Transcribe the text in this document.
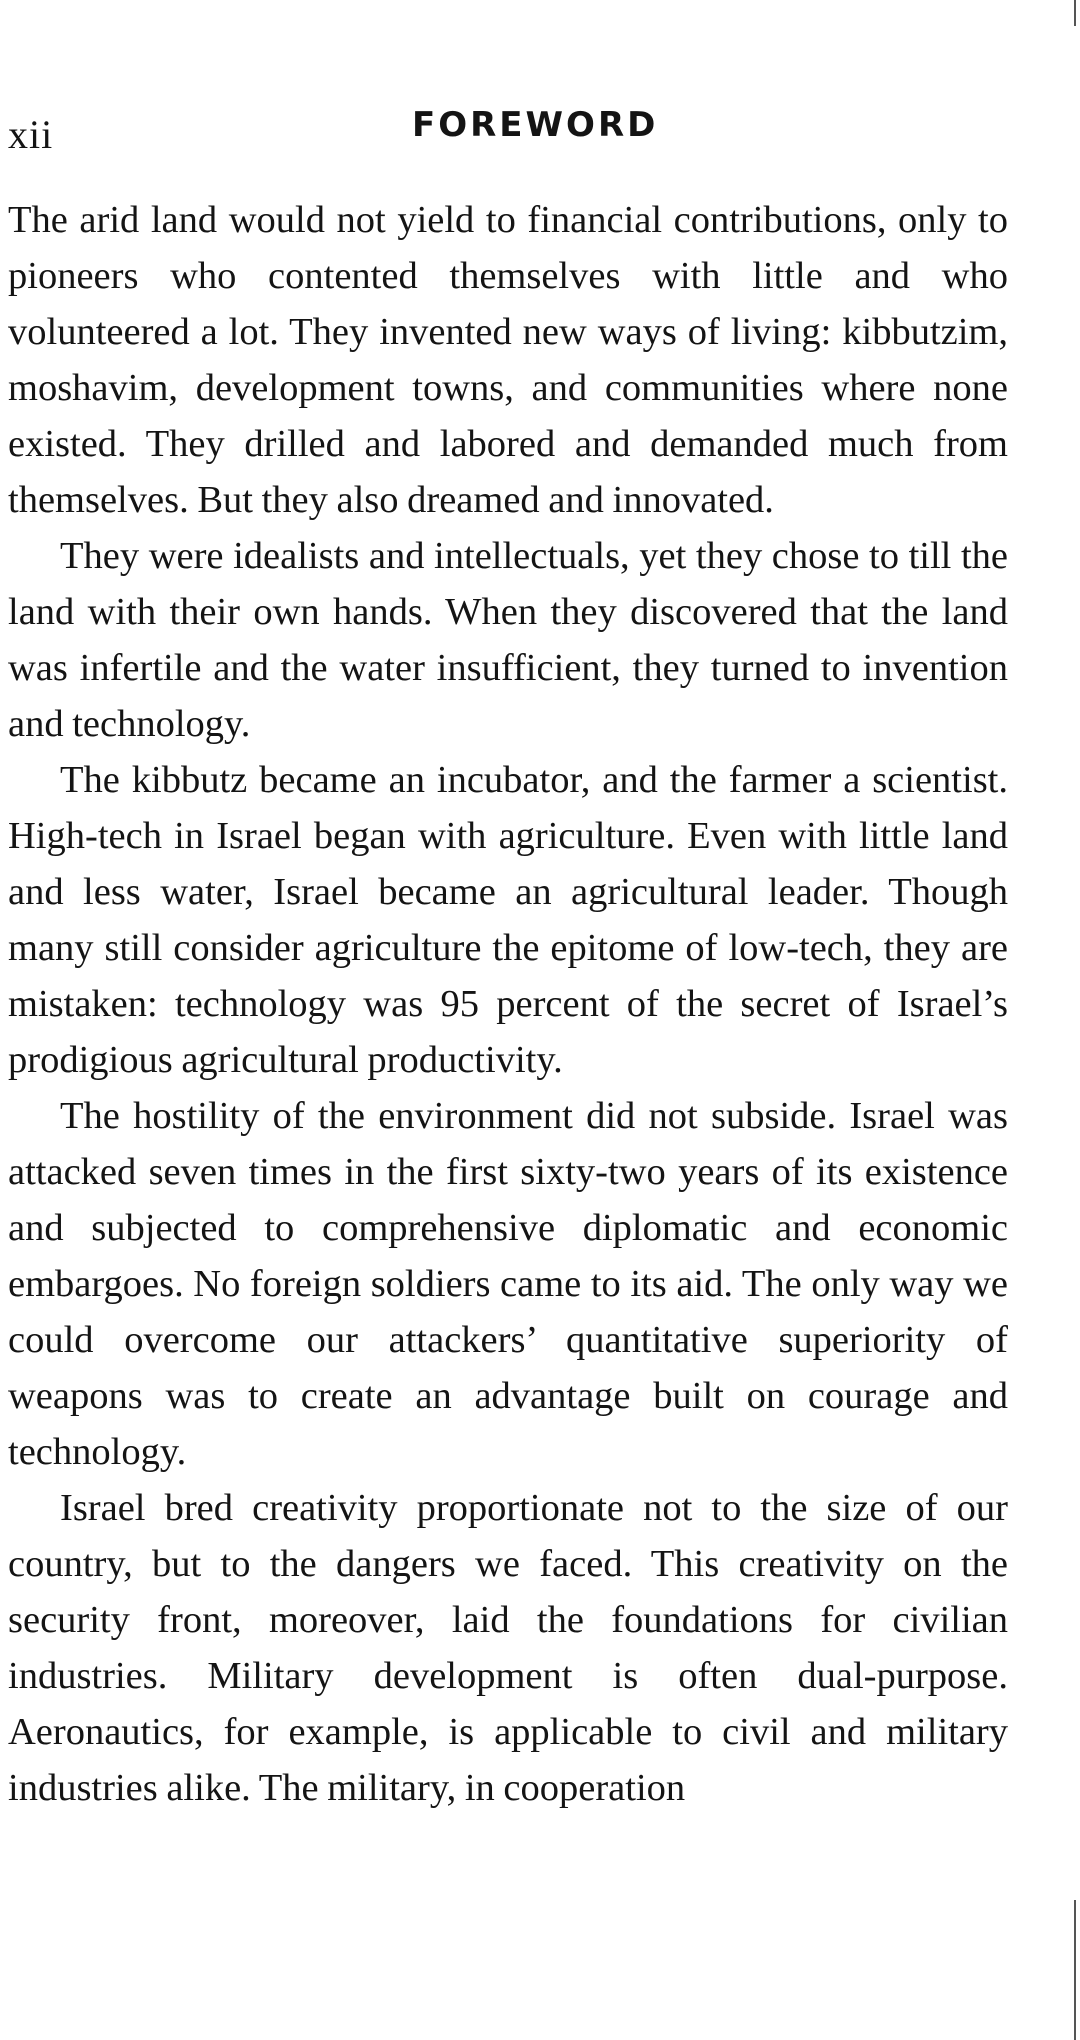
xii	FOREWORD

The arid land would not yield to financial contributions, only to pioneers who contented themselves with little and who volunteered a lot. They invented new ways of living: kibbutzim, moshavim, development towns, and communities where none existed. They drilled and labored and demanded much from themselves. But they also dreamed and innovated.

They were idealists and intellectuals, yet they chose to till the land with their own hands. When they discovered that the land was infertile and the water insufficient, they turned to invention and technology.

The kibbutz became an incubator, and the farmer a scientist. High-tech in Israel began with agriculture. Even with little land and less water, Israel became an agricultural leader. Though many still consider agriculture the epitome of low-tech, they are mistaken: technology was 95 percent of the secret of Israel’s prodigious agricultural productivity.

The hostility of the environment did not subside. Israel was attacked seven times in the first sixty-two years of its existence and subjected to comprehensive diplomatic and economic embargoes. No foreign soldiers came to its aid. The only way we could overcome our attackers’ quantitative superiority of weapons was to create an advantage built on courage and technology.

Israel bred creativity proportionate not to the size of our country, but to the dangers we faced. This creativity on the security front, moreover, laid the foundations for civilian industries. Military development is often dual-purpose. Aeronautics, for example, is applicable to civil and military industries alike. The military, in cooperation
